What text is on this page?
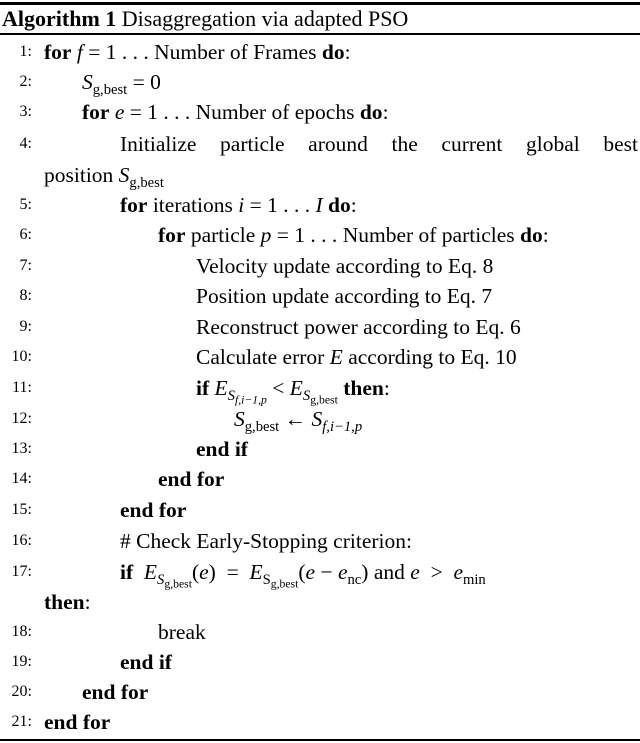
Algorithm 1 Disaggregation via adapted PSO
1: for f = 1 . . . Number of Frames do:
2: $S_{g,best} = 0$
3: for e = 1 . . . Number of epochs do:
4:	Initialize particle around the current global best
position $S_{g,best}$
5:	for iterations i = 1 . . . I do:
6:	for particle p = 1 . . . Number of particles do:
7:	Velocity update according to Eq. 8
8:	Position update according to Eq. 7
9:	Reconstruct power according to Eq. 6
10:	Calculate error E according to Eq. 10
11:	if $E_{S_{f,i-1,p}} < E_{S_{g,best}}$ then:
12:	$S_{g,best}$ ← $S_{f,i-1,p}$
13:	end if
14:	end for
15:	end for
16:	# Check Early-Stopping criterion:
17:	if $E_{S_{g,best}}(e) = E_{S_{g,best}}(e - e_{nc})$ and $e > e_{min}$
then:
18:	break
19:	end if
20: end for
21: end for
